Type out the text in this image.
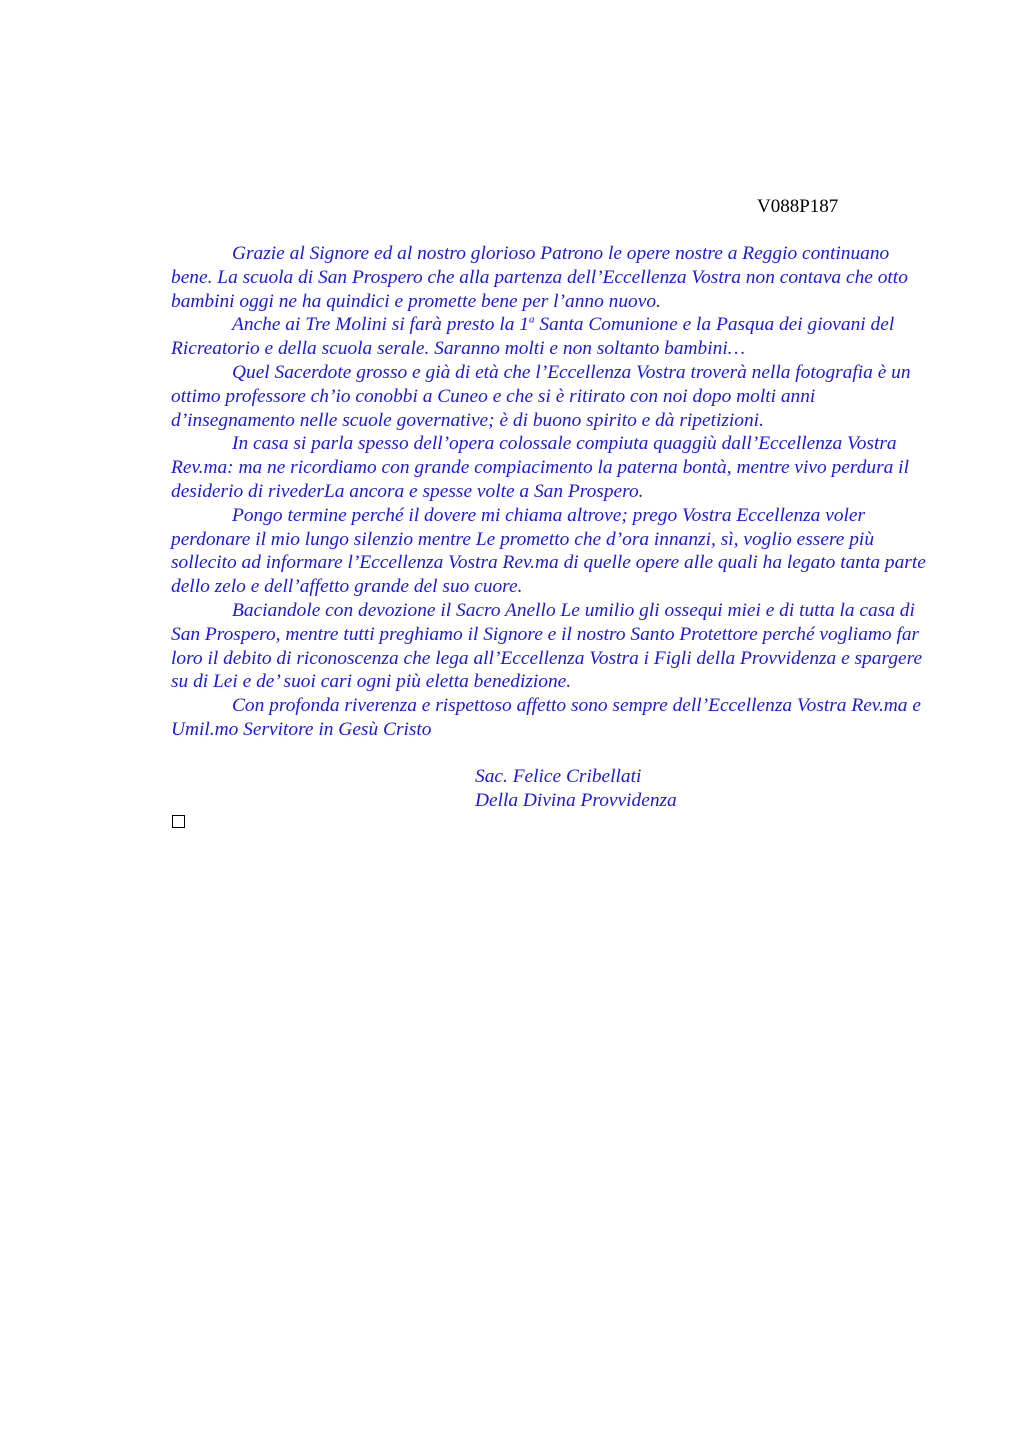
V088P187

Grazie al Signore ed al nostro glorioso Patrono le opere nostre a Reggio continuano bene. La scuola di San Prospero che alla partenza dell’Eccellenza Vostra non contava che otto bambini oggi ne ha quindici e promette bene per l’anno nuovo.

Anche ai Tre Molini si farà presto la 1$^a$ Santa Comunione e la Pasqua dei giovani del Ricreatorio e della scuola serale. Saranno molti e non soltanto bambini…

Quel Sacerdote grosso e già di età che l’Eccellenza Vostra troverà nella fotografia è un ottimo professore ch’io conobbi a Cuneo e che si è ritirato con noi dopo molti anni d’insegnamento nelle scuole governative; è di buono spirito e dà ripetizioni.

In casa si parla spesso dell’opera colossale compiuta quaggiù dall’Eccellenza Vostra Rev.ma: ma ne ricordiamo con grande compiacimento la paterna bontà, mentre vivo perdura il desiderio di rivederLa ancora e spesse volte a San Prospero.

Pongo termine perché il dovere mi chiama altrove; prego Vostra Eccellenza voler perdonare il mio lungo silenzio mentre Le prometto che d’ora innanzi, sì, voglio essere più sollecito ad informare l’Eccellenza Vostra Rev.ma di quelle opere alle quali ha legato tanta parte dello zelo e dell’affetto grande del suo cuore.

Baciandole con devozione il Sacro Anello Le umilio gli ossequi miei e di tutta la casa di San Prospero, mentre tutti preghiamo il Signore e il nostro Santo Protettore perché vogliamo far loro il debito di riconoscenza che lega all’Eccellenza Vostra i Figli della Provvidenza e spargere su di Lei e de’ suoi cari ogni più eletta benedizione.

Con profonda riverenza e rispettoso affetto sono sempre dell’Eccellenza Vostra Rev.ma e Umil.mo Servitore in Gesù Cristo

Sac. Felice Cribellati
Della Divina Provvidenza
